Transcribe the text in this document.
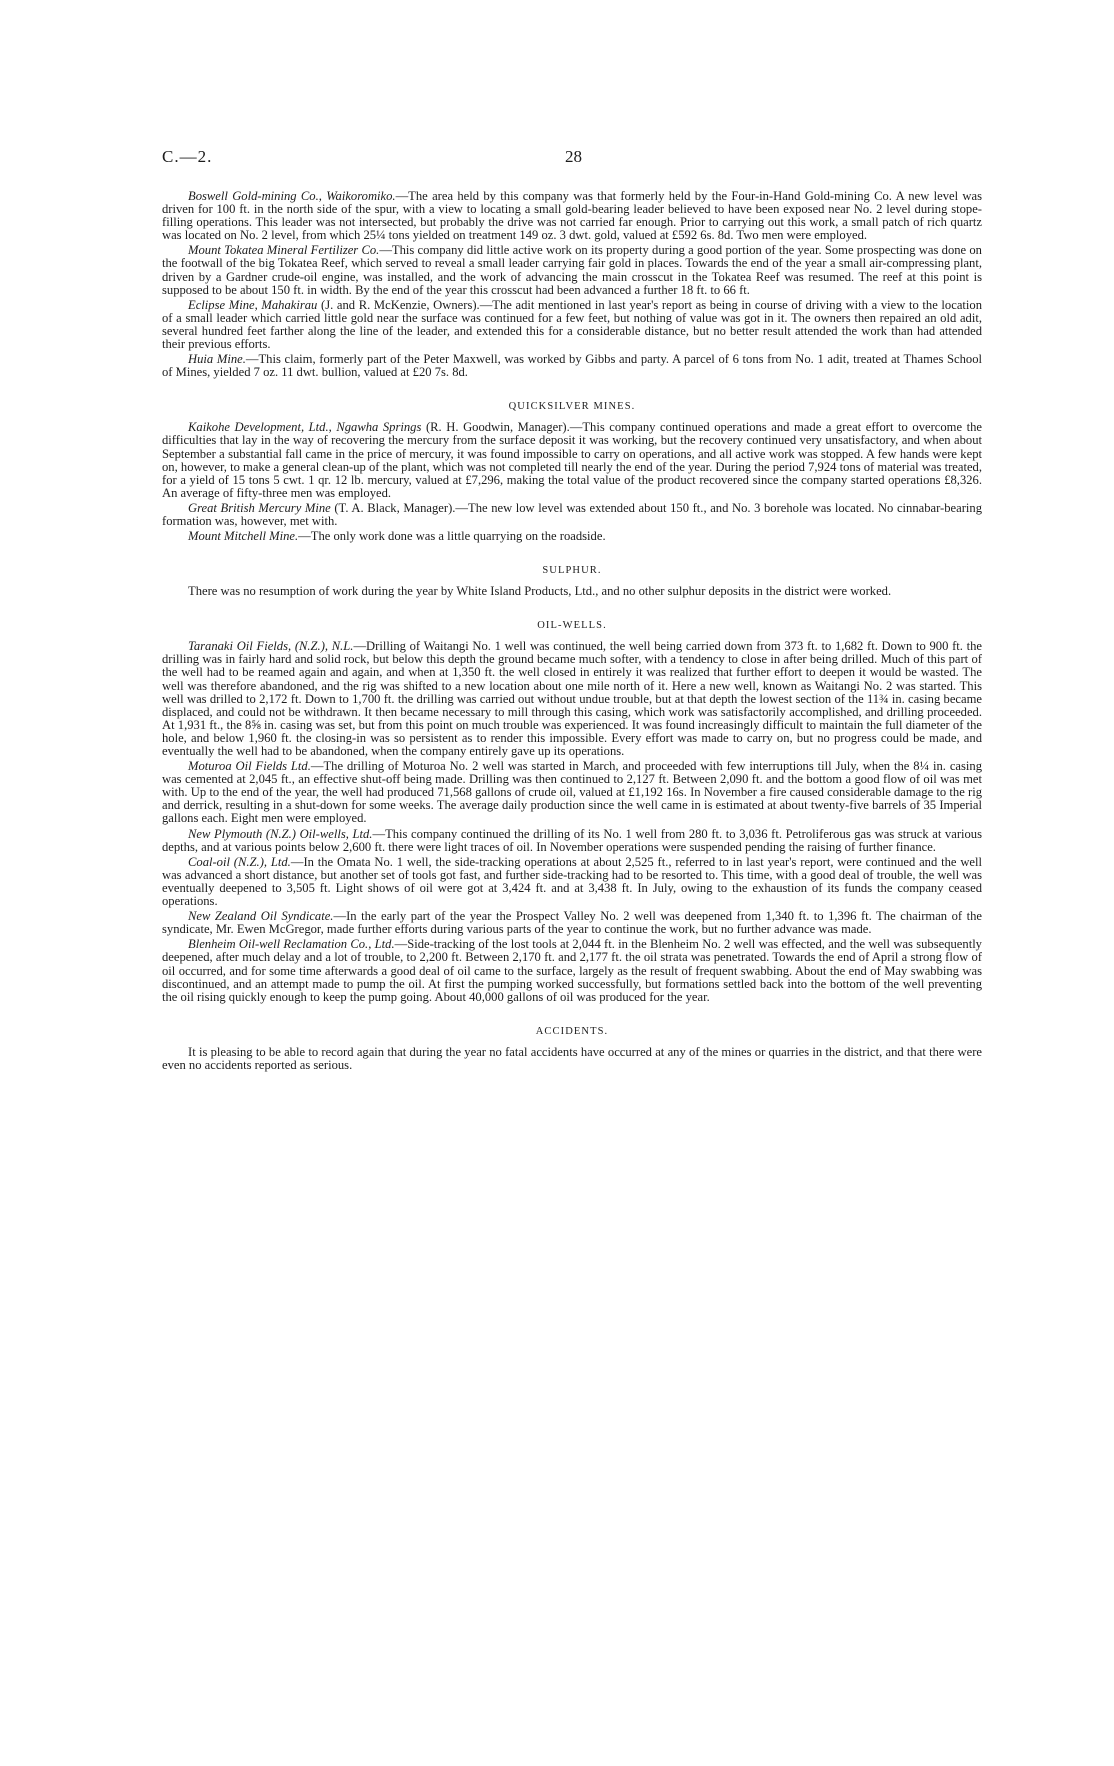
C.—2.	28

Boswell Gold-mining Co., Waikoromiko.—The area held by this company was that formerly held by the Four-in-Hand Gold-mining Co. A new level was driven for 100 ft. in the north side of the spur, with a view to locating a small gold-bearing leader believed to have been exposed near No. 2 level during stope-filling operations. This leader was not intersected, but probably the drive was not carried far enough. Prior to carrying out this work, a small patch of rich quartz was located on No. 2 level, from which 25¼ tons yielded on treatment 149 oz. 3 dwt. gold, valued at £592 6s. 8d. Two men were employed.

Mount Tokatea Mineral Fertilizer Co.—This company did little active work on its property during a good portion of the year. Some prospecting was done on the footwall of the big Tokatea Reef, which served to reveal a small leader carrying fair gold in places. Towards the end of the year a small air-compressing plant, driven by a Gardner crude-oil engine, was installed, and the work of advancing the main crosscut in the Tokatea Reef was resumed. The reef at this point is supposed to be about 150 ft. in width. By the end of the year this crosscut had been advanced a further 18 ft. to 66 ft.

Eclipse Mine, Mahakirau (J. and R. McKenzie, Owners).—The adit mentioned in last year's report as being in course of driving with a view to the location of a small leader which carried little gold near the surface was continued for a few feet, but nothing of value was got in it. The owners then repaired an old adit, several hundred feet farther along the line of the leader, and extended this for a considerable distance, but no better result attended the work than had attended their previous efforts.

Huia Mine.—This claim, formerly part of the Peter Maxwell, was worked by Gibbs and party. A parcel of 6 tons from No. 1 adit, treated at Thames School of Mines, yielded 7 oz. 11 dwt. bullion, valued at £20 7s. 8d.

QUICKSILVER MINES.

Kaikohe Development, Ltd., Ngawha Springs (R. H. Goodwin, Manager).—This company continued operations and made a great effort to overcome the difficulties that lay in the way of recovering the mercury from the surface deposit it was working, but the recovery continued very unsatisfactory, and when about September a substantial fall came in the price of mercury, it was found impossible to carry on operations, and all active work was stopped. A few hands were kept on, however, to make a general clean-up of the plant, which was not completed till nearly the end of the year. During the period 7,924 tons of material was treated, for a yield of 15 tons 5 cwt. 1 qr. 12 lb. mercury, valued at £7,296, making the total value of the product recovered since the company started operations £8,326. An average of fifty-three men was employed.

Great British Mercury Mine (T. A. Black, Manager).—The new low level was extended about 150 ft., and No. 3 borehole was located. No cinnabar-bearing formation was, however, met with.

Mount Mitchell Mine.—The only work done was a little quarrying on the roadside.

SULPHUR.

There was no resumption of work during the year by White Island Products, Ltd., and no other sulphur deposits in the district were worked.

OIL-WELLS.

Taranaki Oil Fields, (N.Z.), N.L.—Drilling of Waitangi No. 1 well was continued, the well being carried down from 373 ft. to 1,682 ft. Down to 900 ft. the drilling was in fairly hard and solid rock, but below this depth the ground became much softer, with a tendency to close in after being drilled. Much of this part of the well had to be reamed again and again, and when at 1,350 ft. the well closed in entirely it was realized that further effort to deepen it would be wasted. The well was therefore abandoned, and the rig was shifted to a new location about one mile north of it. Here a new well, known as Waitangi No. 2 was started. This well was drilled to 2,172 ft. Down to 1,700 ft. the drilling was carried out without undue trouble, but at that depth the lowest section of the 11¾ in. casing became displaced, and could not be withdrawn. It then became necessary to mill through this casing, which work was satisfactorily accomplished, and drilling proceeded. At 1,931 ft., the 8⅝ in. casing was set, but from this point on much trouble was experienced. It was found increasingly difficult to maintain the full diameter of the hole, and below 1,960 ft. the closing-in was so persistent as to render this impossible. Every effort was made to carry on, but no progress could be made, and eventually the well had to be abandoned, when the company entirely gave up its operations.

Moturoa Oil Fields Ltd.—The drilling of Moturoa No. 2 well was started in March, and proceeded with few interruptions till July, when the 8¼ in. casing was cemented at 2,045 ft., an effective shut-off being made. Drilling was then continued to 2,127 ft. Between 2,090 ft. and the bottom a good flow of oil was met with. Up to the end of the year, the well had produced 71,568 gallons of crude oil, valued at £1,192 16s. In November a fire caused considerable damage to the rig and derrick, resulting in a shut-down for some weeks. The average daily production since the well came in is estimated at about twenty-five barrels of 35 Imperial gallons each. Eight men were employed.

New Plymouth (N.Z.) Oil-wells, Ltd.—This company continued the drilling of its No. 1 well from 280 ft. to 3,036 ft. Petroliferous gas was struck at various depths, and at various points below 2,600 ft. there were light traces of oil. In November operations were suspended pending the raising of further finance.

Coal-oil (N.Z.), Ltd.—In the Omata No. 1 well, the side-tracking operations at about 2,525 ft., referred to in last year's report, were continued and the well was advanced a short distance, but another set of tools got fast, and further side-tracking had to be resorted to. This time, with a good deal of trouble, the well was eventually deepened to 3,505 ft. Light shows of oil were got at 3,424 ft. and at 3,438 ft. In July, owing to the exhaustion of its funds the company ceased operations.

New Zealand Oil Syndicate.—In the early part of the year the Prospect Valley No. 2 well was deepened from 1,340 ft. to 1,396 ft. The chairman of the syndicate, Mr. Ewen McGregor, made further efforts during various parts of the year to continue the work, but no further advance was made.

Blenheim Oil-well Reclamation Co., Ltd.—Side-tracking of the lost tools at 2,044 ft. in the Blenheim No. 2 well was effected, and the well was subsequently deepened, after much delay and a lot of trouble, to 2,200 ft. Between 2,170 ft. and 2,177 ft. the oil strata was penetrated. Towards the end of April a strong flow of oil occurred, and for some time afterwards a good deal of oil came to the surface, largely as the result of frequent swabbing. About the end of May swabbing was discontinued, and an attempt made to pump the oil. At first the pumping worked successfully, but formations settled back into the bottom of the well preventing the oil rising quickly enough to keep the pump going. About 40,000 gallons of oil was produced for the year.

ACCIDENTS.

It is pleasing to be able to record again that during the year no fatal accidents have occurred at any of the mines or quarries in the district, and that there were even no accidents reported as serious.
